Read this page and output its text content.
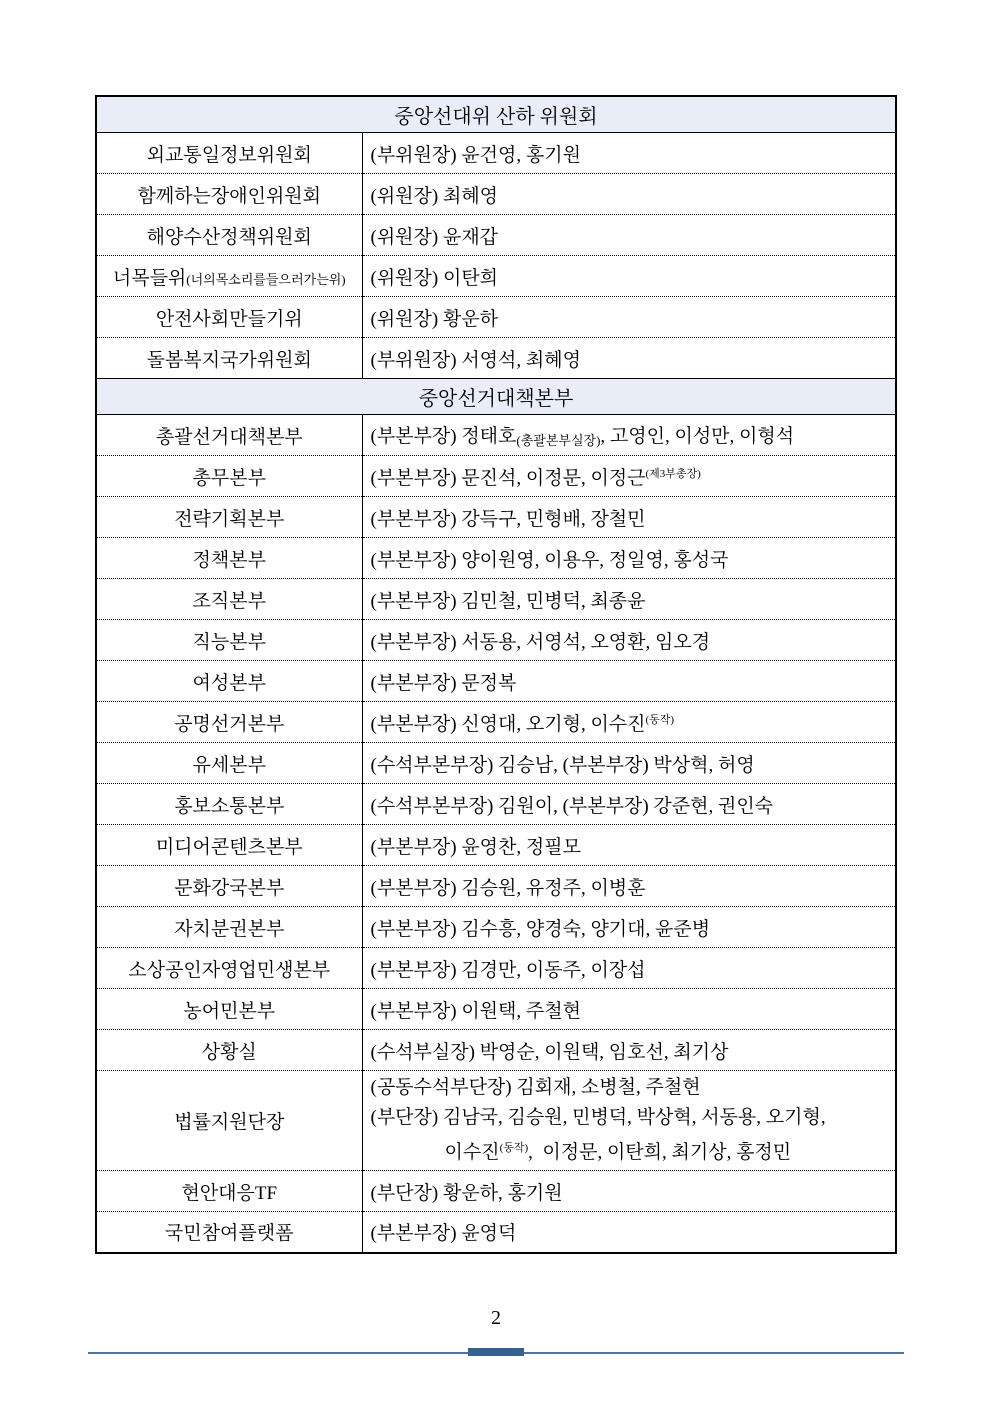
중앙선대위 산하 위원회	
외교통일정보위원회	(부위원장) 윤건영, 홍기원

함께하는장애인위원회	(위원장) 최혜영

해양수산정책위원회	(위원장) 윤재갑

너목들위(너의목소리를들으러가는위)	(위원장) 이탄희

안전사회만들기위	(위원장) 황운하

돌봄복지국가위원회	(부위원장) 서영석, 최혜영

중앙선거대책본부	
총괄선거대책본부	(부본부장) 정태호(총괄본부실장), 고영인, 이성만, 이형석

총무본부	(부본부장) 문진석, 이정문, 이정근$^{(제3부총장)}$

전략기획본부	(부본부장) 강득구, 민형배, 장철민

정책본부	(부본부장) 양이원영, 이용우, 정일영, 홍성국

조직본부	(부본부장) 김민철, 민병덕, 최종윤

직능본부	(부본부장) 서동용, 서영석, 오영환, 임오경

여성본부	(부본부장) 문정복

공명선거본부	(부본부장) 신영대, 오기형, 이수진$^{(동작)}$

유세본부	(수석부본부장) 김승남, (부본부장) 박상혁, 허영

홍보소통본부	(수석부본부장) 김원이, (부본부장) 강준현, 권인숙

미디어콘텐츠본부	(부본부장) 윤영찬, 정필모

문화강국본부	(부본부장) 김승원, 유정주, 이병훈

자치분권본부	(부본부장) 김수흥, 양경숙, 양기대, 윤준병

소상공인자영업민생본부	(부본부장) 김경만, 이동주, 이장섭

농어민본부	(부본부장) 이원택, 주철현

상황실	(수석부실장) 박영순, 이원택, 임호선, 최기상

법률지원단장	(공동수석부단장) 김회재, 소병철, 주철현
(부단장) 김남국, 김승원, 민병덕, 박상혁, 서동용, 오기형,
이수진$^{(동작)}$,  이정문, 이탄희, 최기상, 홍정민

현안대응TF	(부단장) 황운하, 홍기원

국민참여플랫폼	(부본부장) 윤영덕
2
